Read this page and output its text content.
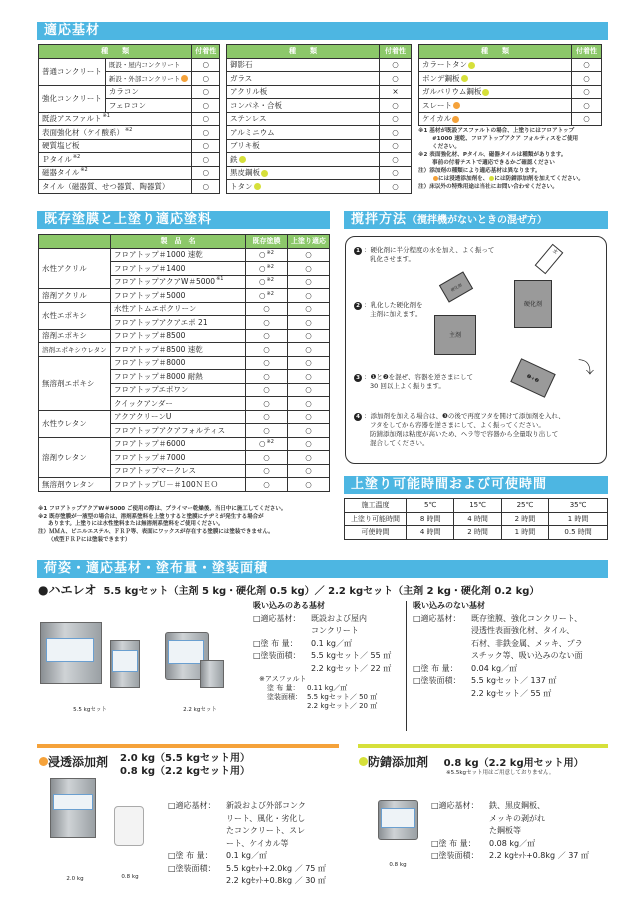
適応基材
種　　類		付着性
普通コンクリート	既設・屋内コンクリート	○
	新設・外部コンクリート	○
強化コンクリート	カラコン	○
	フェロコン	○
既設アスファルト$^{※1}$		○
表面強化材（ケイ酸系）$^{※2}$		○
硬質塩ビ板		○
Ｐタイル$^{※2}$		○
磁器タイル$^{※2}$		○
タイル（磁器質、せつ器質、陶器質）		○
種　　類	付着性
御影石	○
ガラス	○
アクリル板	×
コンパネ・合板	○
ステンレス	○
アルミニウム	○
ブリキ板	○
鉄	○
黒皮鋼板	○
トタン	○
種　　類	付着性
カラートタン	○
ボンデ鋼板	○
ガルバリウム鋼板	○
スレート	○
ケイカル	○
※1 基材が既設アスファルトの場合、上塗りにはフロアトップ
#1000 速乾、フロアトップアクア フォルティスをご使用
ください。
※2 表面強化材、Pタイル、磁器タイルは種類があります。
事前の付着テストで適応できるかご確認ください
注）添加剤の種類により適応基材は異なります。
には浸透添加剤を、 には防錆添加剤を加えてください。
注）床以外の特殊用途は当社にお問い合わせください。
既存塗膜と上塗り適応塗料
	製　品　名	既存塗膜	上塗り適応
水性アクリル	フロアトップ＃1000 速乾	○$^{※2}$	○
	フロアトップ＃1400	○$^{※2}$	○
	フロアトップアクアW＃5000$^{※1}$	○$^{※2}$	○
溶剤アクリル	フロアトップ＃5000	○$^{※2}$	○
水性エポキシ	水性アトムエポクリーン	○	○
	フロアトップアクアエポ 21	○	○
溶剤エポキシ	フロアトップ＃8500	○	○
溶剤エポキシウレタン	フロアトップ＃8500 速乾	○	○
無溶剤エポキシ	フロアトップ＃8000	○	○
	フロアトップ＃8000 耐熱	○	○
	フロアトップエポワン	○	○
	クイックアンダー	○	○
水性ウレタン	アクアクリーンU	○	○
	フロアトップアクアフォルティス	○	○
溶剤ウレタン	フロアトップ＃6000	○$^{※2}$	○
	フロアトップ＃7000	○	○
	フロアトップマークレス	○	○
無溶剤ウレタン	フロアトップＵ－＃100ＮＥＯ	○	○
※1 フロアトップアクアW＃5000 ご使用の際は、プライマー乾燥後、当日中に施工してください。
※2 既存塗膜が一液型の場合は、溶剤系塗料を上塗りすると塗膜にチヂミが発生する場合が
あります。上塗りには水性塗料または無溶剤系塗料をご使用ください。
注）ＭＭＡ、ビニルエステル、ＦＲＰ等、表面にワックスが存在する塗膜には塗装できません。
（成型ＦＲＰには塗装できます）
撹拌方法（撹拌機がないときの混ぜ方）
1 ：硬化剤に半分程度の水を加え、よく振って
乳化させます。
水
硬化剤
2 ：乳化した硬化剤を
主剤に加えます。
硬化剤
主剤
3 ：❶と❷を混ぜ、容器を逆さまにして
30 回以上よく振ります。
❶+❷
⤵
4 ：添加剤を加える場合は、❸の後で再度フタを開けて添加剤を入れ、
フタをしてから容器を逆さまにして、よく振ってください。
防錆添加剤は粘度が高いため、ヘラ等で容器から全量取り出して
混合してください。
上塗り可能時間および可使時間
施工温度	5℃	15℃	25℃	35℃
上塗り可能時間	8 時間	4 時間	2 時間	1 時間
可使時間	4 時間	2 時間	1 時間	0.5 時間
荷姿・適応基材・塗布量・塗装面積
●ハエレオ 5.5 kgセット（主剤 5 kg・硬化剤 0.5 kg）／ 2.2 kgセット（主剤 2 kg・硬化剤 0.2 kg）
5.5 kgセット	2.2 kgセット
吸い込みのある基材
□適応基材：	既設および屋内
コンクリート
□塗 布 量：	0.1 kg／㎡
□塗装面積：	5.5 kgセット／ 55 ㎡
2.2 kgセット／ 22 ㎡
※アスファルト
塗 布 量：	0.11 kg／㎡
塗装面積： 5.5 kgセット／ 50 ㎡
2.2 kgセット／ 20 ㎡
吸い込みのない基材
□適応基材：	既存塗膜、強化コンクリート、
浸透性表面強化材、タイル、
石材、非鉄金属、メッキ、プラ
スチック等、吸い込みのない面
□塗 布 量：	0.04 kg／㎡
□塗装面積：	5.5 kgセット／ 137 ㎡
2.2 kgセット／ 55 ㎡
浸透添加剤 2.0 kg（5.5 kgセット用）
0.8 kg（2.2 kgセット用）
2.0 kg	0.8 kg
□適応基材：	新設および外部コンク
リート、風化・劣化し
たコンクリート、スレ
ート、ケイカル等
□塗 布 量：	0.1 kg／㎡
□塗装面積：	5.5 kgｾｯﾄ+2.0kg ／ 75 ㎡
2.2 kgｾｯﾄ+0.8kg ／ 30 ㎡
防錆添加剤 0.8 kg（2.2 kg用セット用）
※5.5kgセット用はご用意しておりません。
0.8 kg
□適応基材：	鉄、黒皮鋼板、
メッキの剥がれ
た鋼板等
□塗 布 量：	0.08 kg／㎡
□塗装面積：	2.2 kgｾｯﾄ+0.8kg ／ 37 ㎡
